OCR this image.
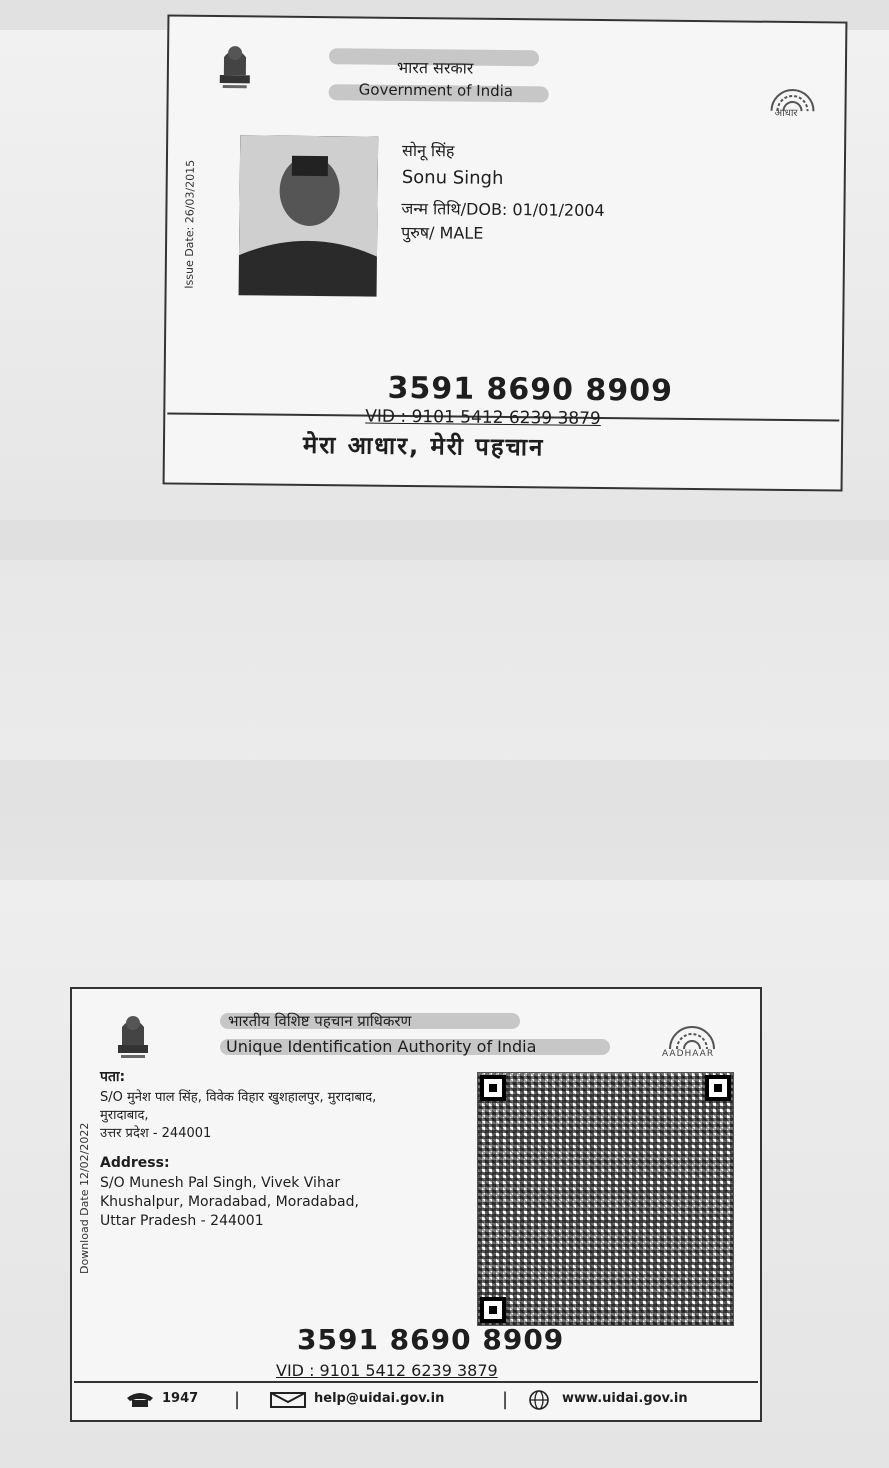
भारत सरकार
Government of India
आधार
Issue Date: 26/03/2015
सोनू सिंह
Sonu Singh
जन्म तिथि/DOB: 01/01/2004
पुरुष/ MALE
3591 8690 8909
VID : 9101 5412 6239 3879
मेरा आधार, मेरी पहचान
भारतीय विशिष्ट पहचान प्राधिकरण
Unique Identification Authority of India	AADHAAR
Download Date 12/02/2022
पता:
S/O मुनेश पाल सिंह, विवेक विहार खुशहालपुर, मुरादाबाद,
मुरादाबाद,
उत्तर प्रदेश - 244001
Address:
S/O Munesh Pal Singh, Vivek Vihar
Khushalpur, Moradabad, Moradabad,
Uttar Pradesh - 244001
3591 8690 8909
VID : 9101 5412 6239 3879
1947 |	help@uidai.gov.in	|	www.uidai.gov.in
